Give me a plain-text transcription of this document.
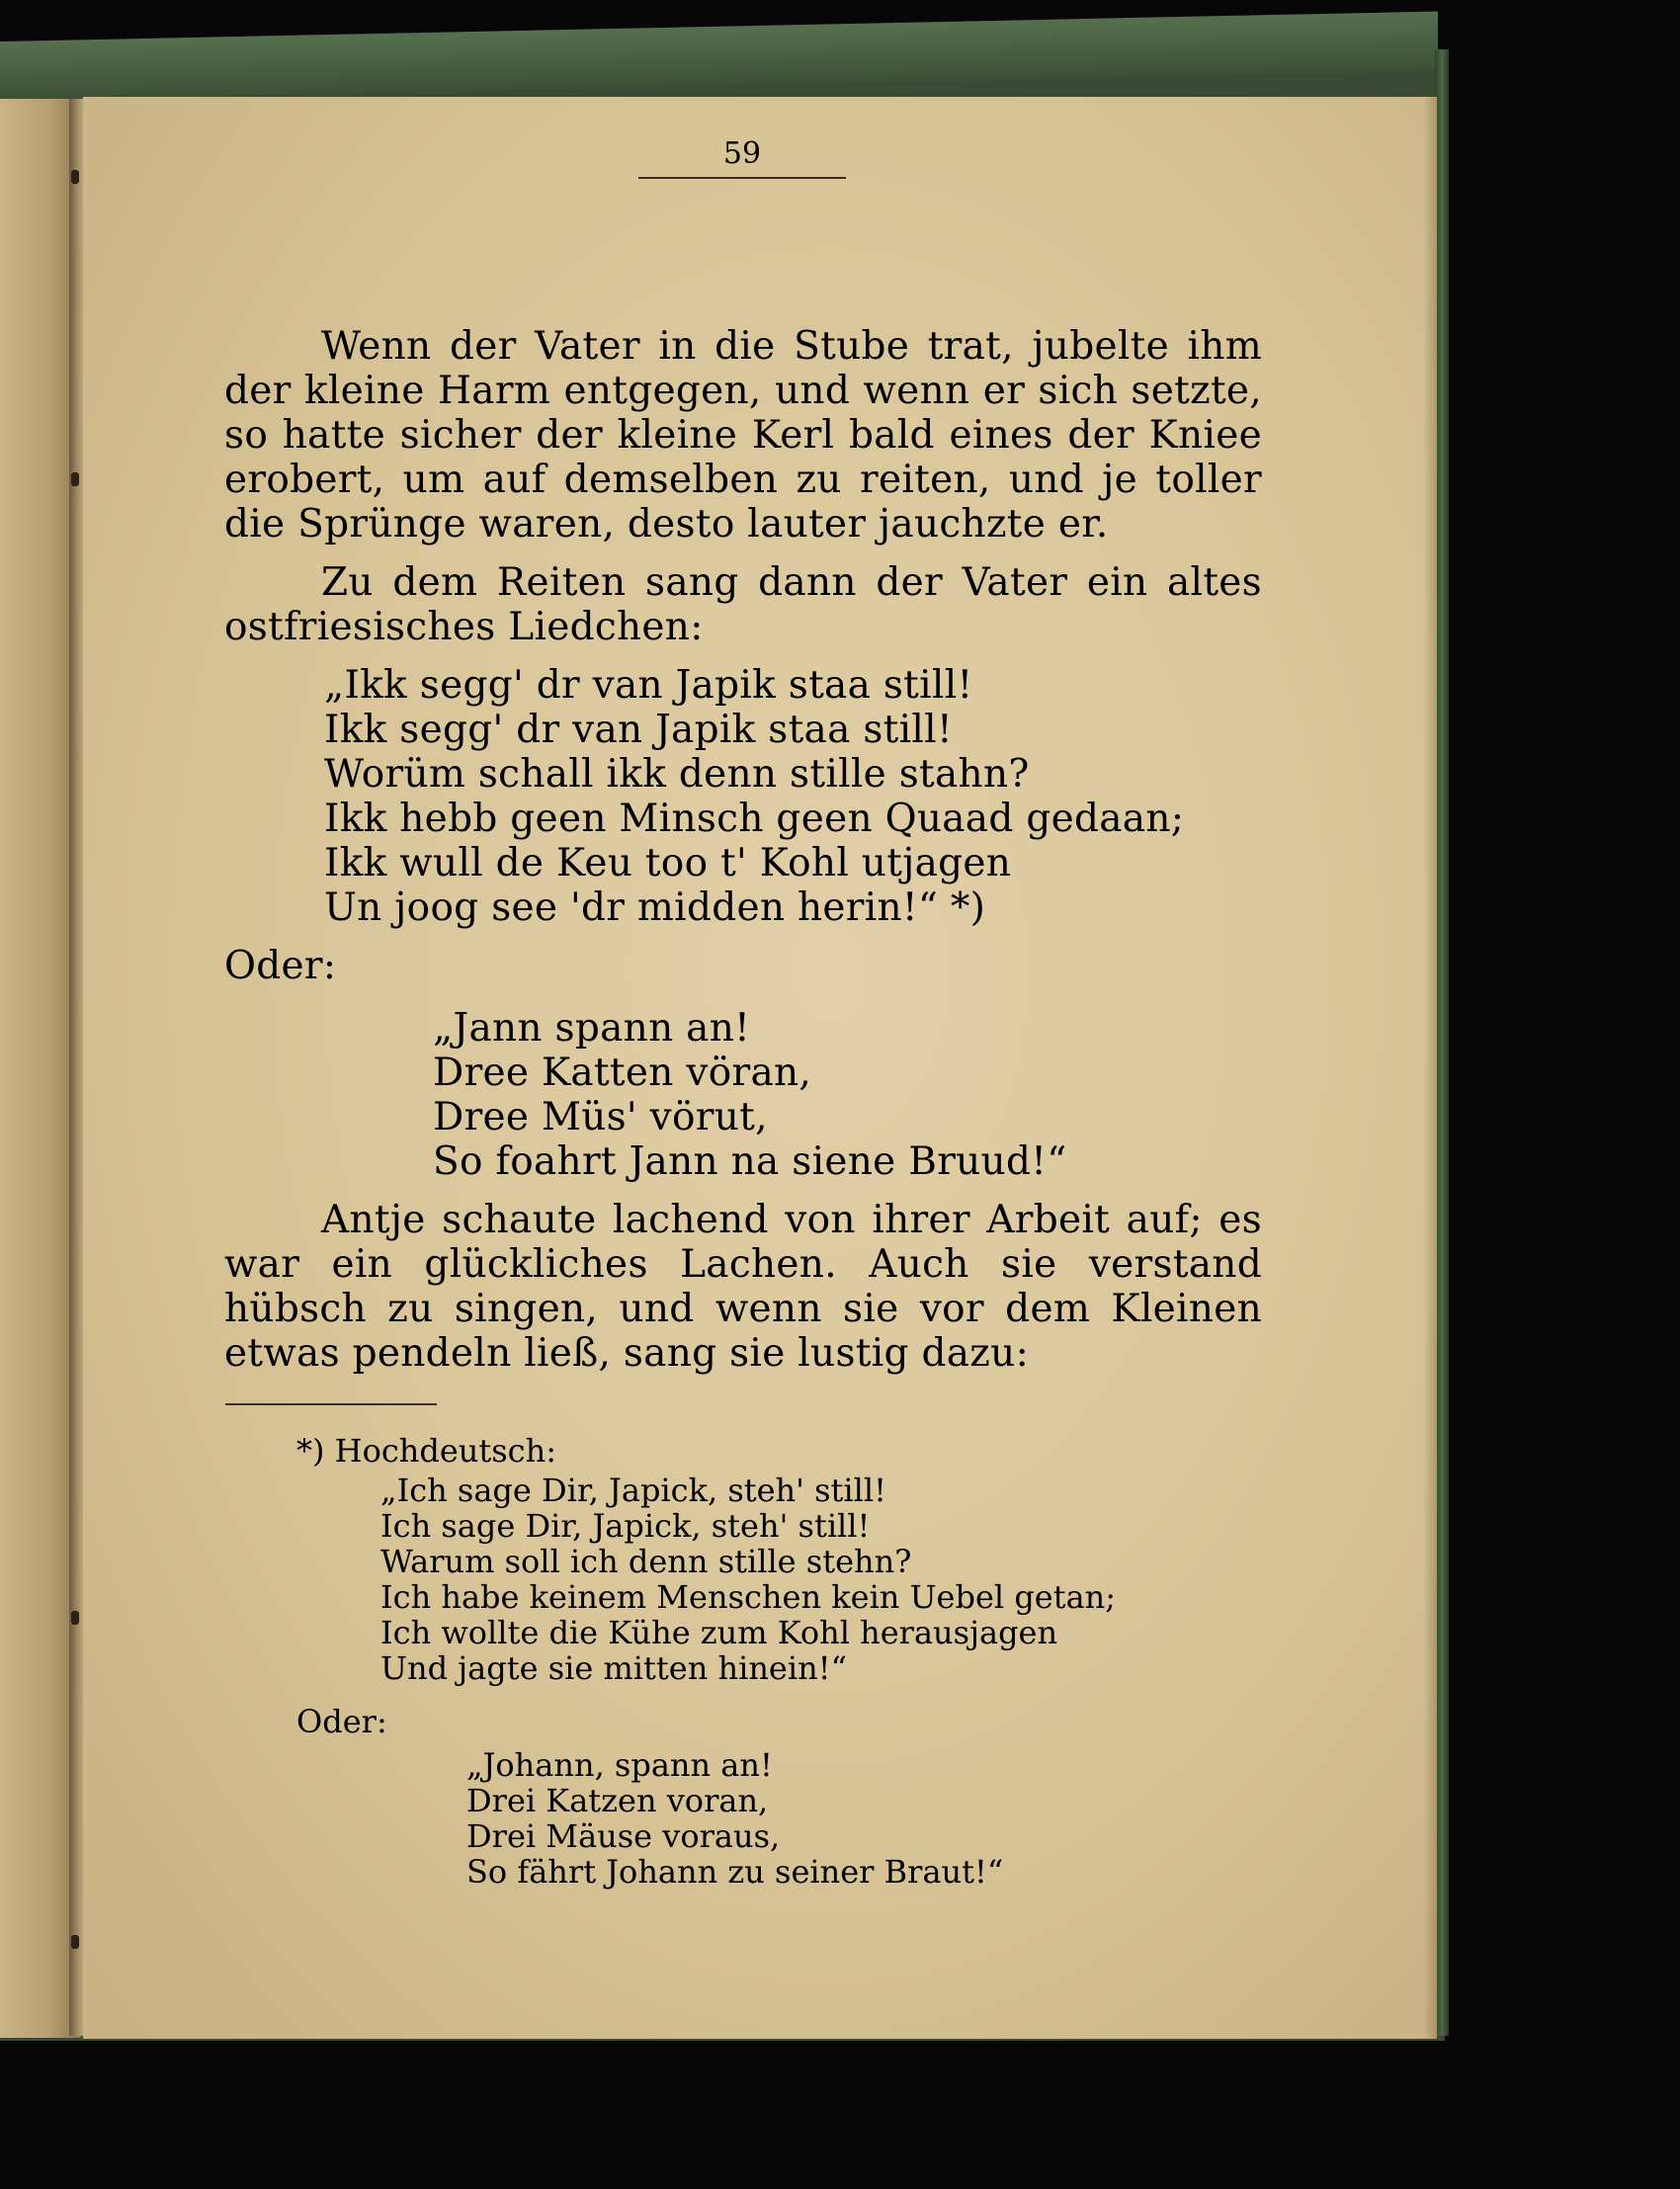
59

Wenn der Vater in die Stube trat, jubelte ihm der kleine Harm entgegen, und wenn er sich setzte, so hatte sicher der kleine Kerl bald eines der Kniee erobert, um auf demselben zu reiten, und je toller die Sprünge waren, desto lauter jauchzte er.

Zu dem Reiten sang dann der Vater ein altes ostfriesisches Liedchen:

„Ikk segg' dr van Japik staa still!
Ikk segg' dr van Japik staa still!
Worüm schall ikk denn stille stahn?
Ikk hebb geen Minsch geen Quaad gedaan;
Ikk wull de Keu too t' Kohl utjagen
Un joog see 'dr midden herin!“ *)

Oder:

„Jann spann an!
Dree Katten vöran,
Dree Müs' vörut,
So foahrt Jann na siene Bruud!“

Antje schaute lachend von ihrer Arbeit auf; es war ein glückliches Lachen. Auch sie verstand hübsch zu singen, und wenn sie vor dem Kleinen etwas pendeln ließ, sang sie lustig dazu:

*) Hochdeutsch:

„Ich sage Dir, Japick, steh' still!
Ich sage Dir, Japick, steh' still!
Warum soll ich denn stille stehn?
Ich habe keinem Menschen kein Uebel getan;
Ich wollte die Kühe zum Kohl herausjagen
Und jagte sie mitten hinein!“

Oder:

„Johann, spann an!
Drei Katzen voran,
Drei Mäuse voraus,
So fährt Johann zu seiner Braut!“
